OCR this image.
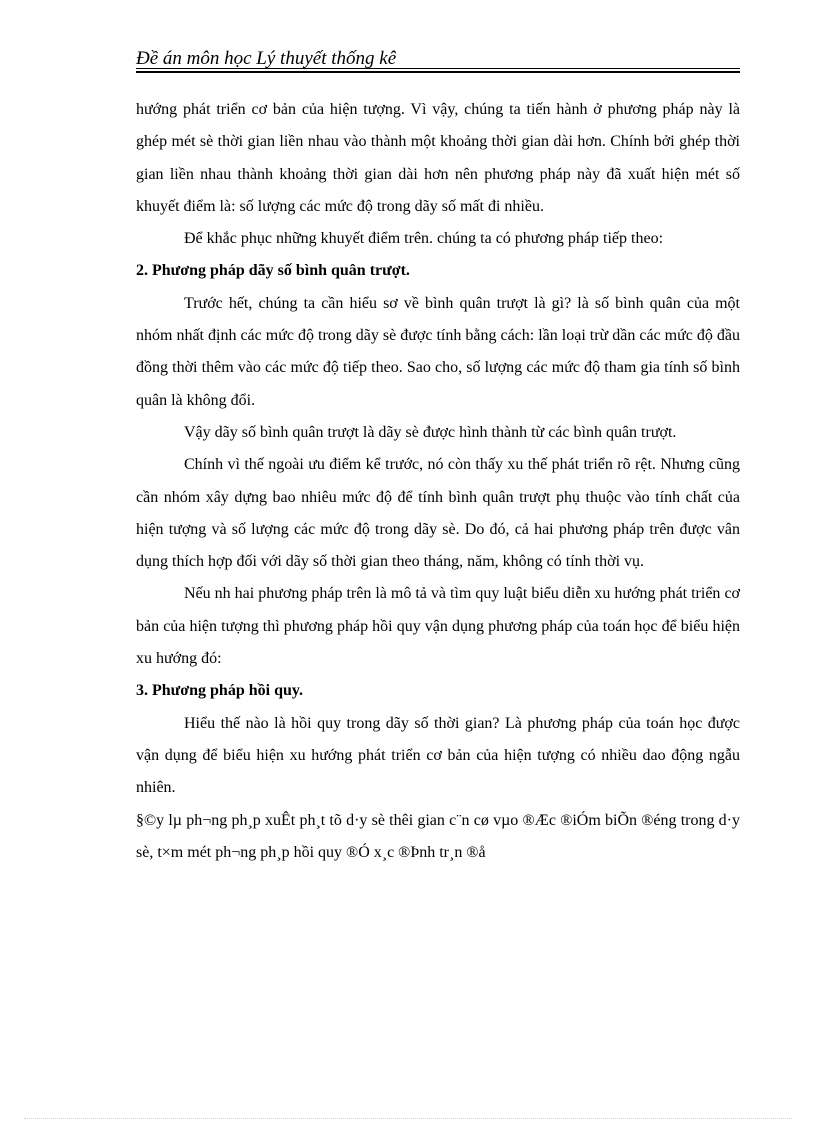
Đề án môn học Lý thuyết thống kê

hướng phát triển cơ bản của hiện tượng. Vì vậy, chúng ta tiến hành ở phương pháp này là ghép mét sè thời gian liền nhau vào thành một khoảng thời gian dài hơn. Chính bởi ghép thời gian liền nhau thành khoảng thời gian dài hơn nên phương pháp này đã xuất hiện mét số khuyết điểm là: số lượng các mức độ trong dãy số mất đi nhiều.

Để khắc phục những khuyết điểm trên. chúng ta có phương pháp tiếp theo:

2. Phương pháp dãy số bình quân trượt.

Trước hết, chúng ta cần hiểu sơ về bình quân trượt là gì? là số bình quân của một nhóm nhất định các mức độ trong dãy sè được tính bằng cách: lần loại trừ dần các mức độ đầu đồng thời thêm vào các mức độ tiếp theo. Sao cho, số lượng các mức độ tham gia tính số bình quân là không đổi.

Vậy dãy số bình quân trượt là dãy sè được hình thành từ các bình quân trượt.

Chính vì thế ngoài ưu điểm kể trước, nó còn thấy xu thế phát triển rõ rệt. Nhưng cũng cần nhóm xây dựng bao nhiêu mức độ để tính bình quân trượt phụ thuộc vào tính chất của hiện tượng và số lượng các mức độ trong dãy sè. Do đó, cả hai phương pháp trên được vân dụng thích hợp đối với dãy số thời gian theo tháng, năm, không có tính thời vụ.

Nếu nh hai phương pháp trên là mô tả và tìm quy luật biểu diễn xu hướng phát triển cơ bản của hiện tượng thì phương pháp hồi quy vận dụng phương pháp của toán học để biểu hiện xu hướng đó:

3. Phương pháp hồi quy.

Hiểu thế nào là hồi quy trong dãy số thời gian? Là phương pháp của toán học được vận dụng để biểu hiện xu hướng phát triển cơ bản của hiện tượng có nhiều dao động ngẫu nhiên.

§©y lµ ph¬ng ph¸p xuÊt ph¸t tõ d·y sè thêi gian c¨n cø vµo ®Æc ®iÓm biÕn ®éng trong d·y sè, t×m mét ph¬ng ph¸p hồi quy ®Ó x¸c ®Þnh tr¸n ®å
